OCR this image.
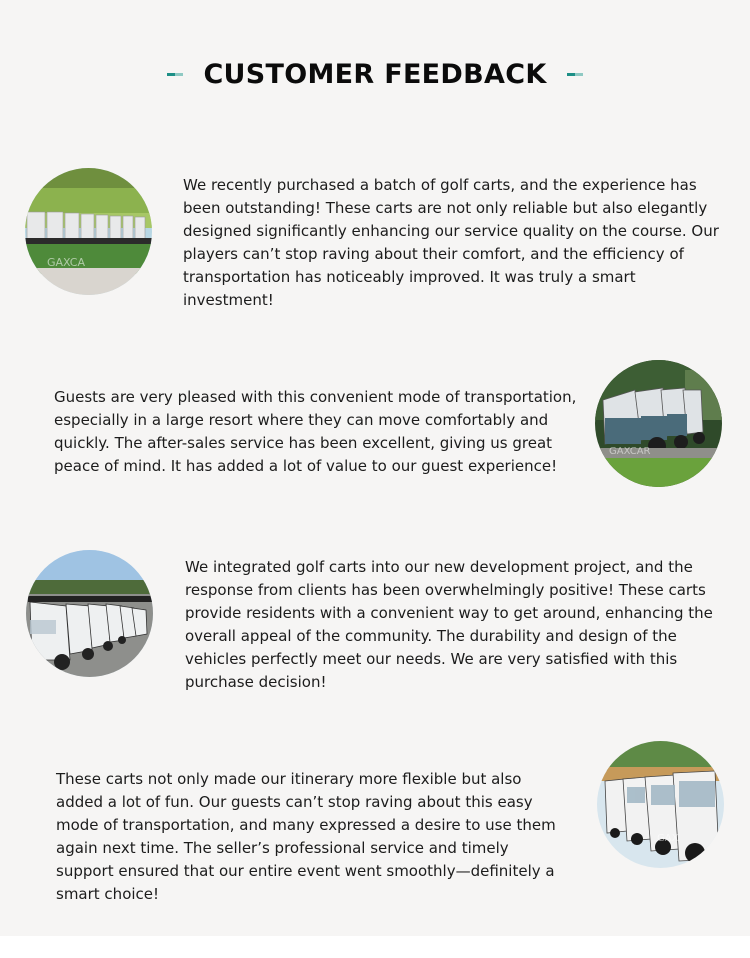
CUSTOMER FEEDBACK
GAXCA

We recently purchased a batch of golf carts, and the experience has been outstanding! These carts are not only reliable but also elegantly designed significantly enhancing our service quality on the course. Our players can’t stop raving about their comfort, and the efficiency of transportation has noticeably improved. It was truly a smart investment!

Guests are very pleased with this convenient mode of transportation, especially in a large resort where they can move comfortably and quickly. The after-sales service has been excellent, giving us great peace of mind. It has added a lot of value to our guest experience!

GAXCAR

We integrated golf carts into our new development project, and the response from clients has been overwhelmingly positive! These carts provide residents with a convenient way to get around, enhancing the overall appeal of the community. The durability and design of the vehicles perfectly meet our needs. We are very satisfied with this purchase decision!

These carts not only made our itinerary more flexible but also added a lot of fun. Our guests can’t stop raving about this easy mode of transportation, and many expressed a desire to use them again next time. The seller’s professional service and timely support ensured that our entire event went smoothly—definitely a smart choice!

GAX
